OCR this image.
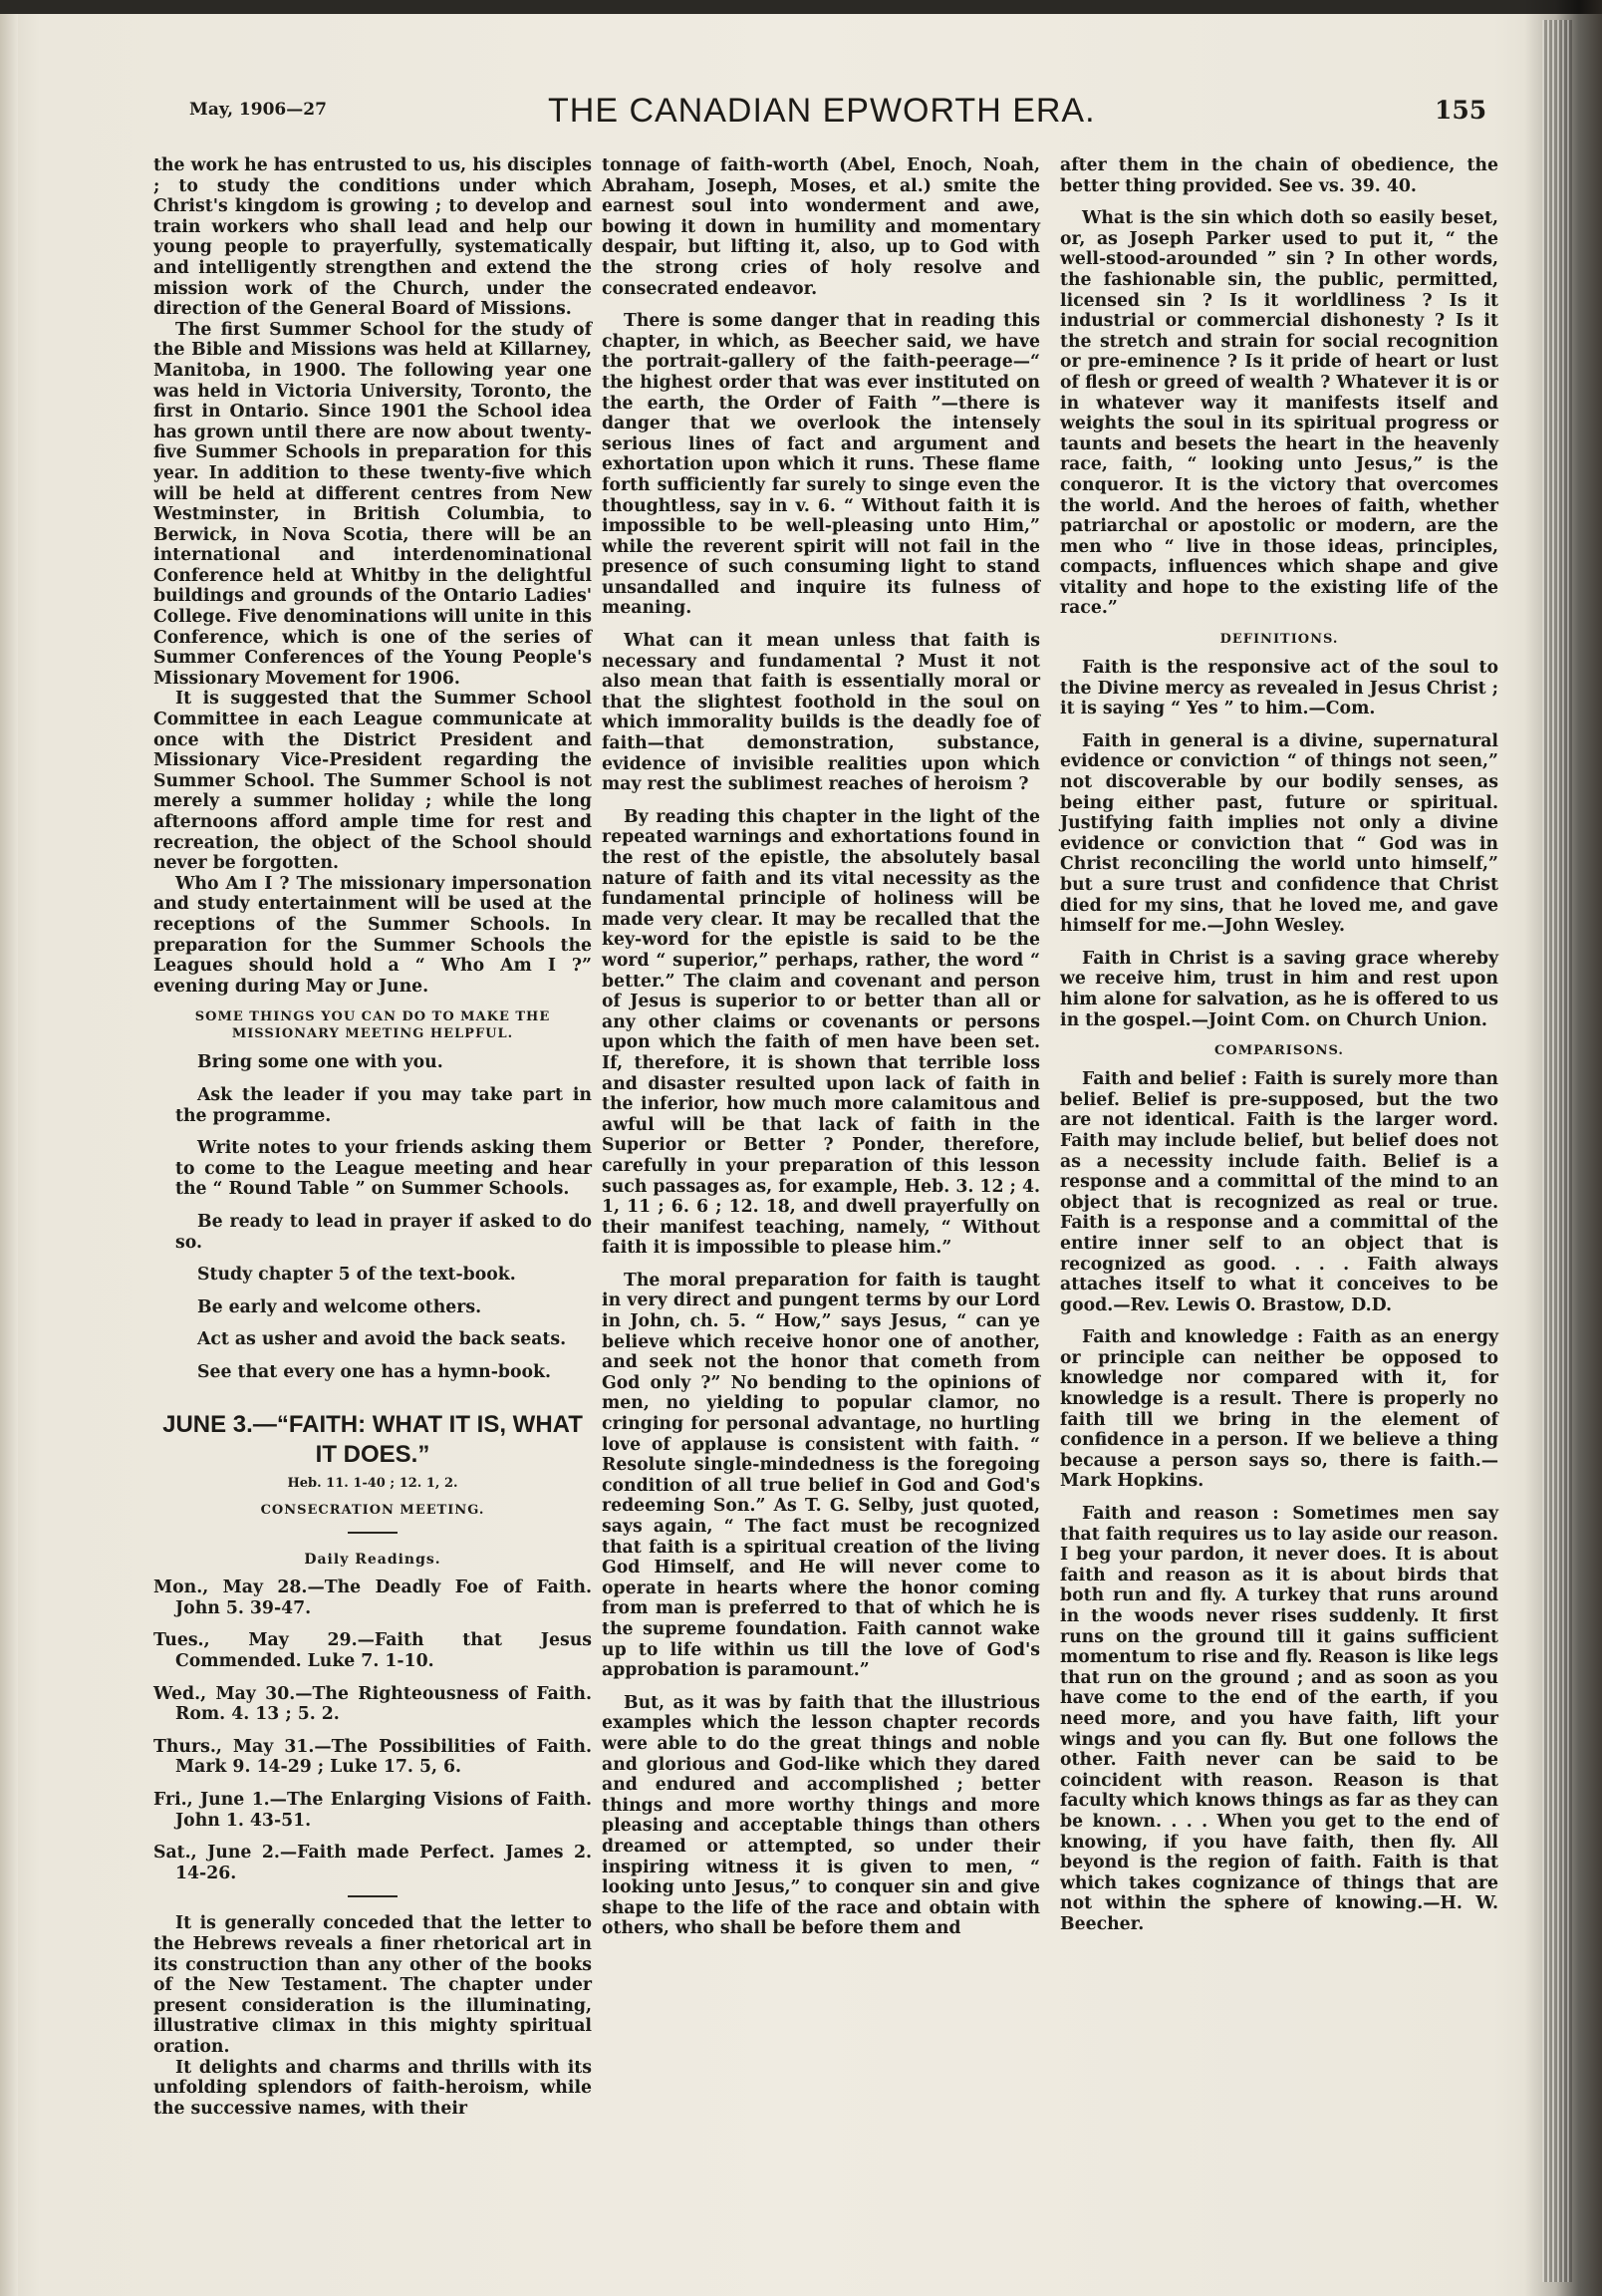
May, 1906—27	THE CANADIAN EPWORTH ERA.	155

the work he has entrusted to us, his disciples ; to study the conditions under which Christ's kingdom is growing ; to develop and train workers who shall lead and help our young people to prayerfully, systematically and intelligently strengthen and extend the mission work of the Church, under the direction of the General Board of Missions.

The first Summer School for the study of the Bible and Missions was held at Killarney, Manitoba, in 1900. The following year one was held in Victoria University, Toronto, the first in Ontario. Since 1901 the School idea has grown until there are now about twenty-five Summer Schools in preparation for this year. In addition to these twenty-five which will be held at different centres from New Westminster, in British Columbia, to Berwick, in Nova Scotia, there will be an international and interdenominational Conference held at Whitby in the delightful buildings and grounds of the Ontario Ladies' College. Five denominations will unite in this Conference, which is one of the series of Summer Conferences of the Young People's Missionary Movement for 1906.

It is suggested that the Summer School Committee in each League communicate at once with the District President and Missionary Vice-President regarding the Summer School. The Summer School is not merely a summer holiday ; while the long afternoons afford ample time for rest and recreation, the object of the School should never be forgotten.

Who Am I ? The missionary impersonation and study entertainment will be used at the receptions of the Summer Schools. In preparation for the Summer Schools the Leagues should hold a “ Who Am I ?” evening during May or June.

SOME THINGS YOU CAN DO TO MAKE THE MISSIONARY MEETING HELPFUL.

Bring some one with you.

Ask the leader if you may take part in the programme.

Write notes to your friends asking them to come to the League meeting and hear the “ Round Table ” on Summer Schools.

Be ready to lead in prayer if asked to do so.

Study chapter 5 of the text-book.

Be early and welcome others.

Act as usher and avoid the back seats.

See that every one has a hymn-book.

JUNE 3.—“FAITH: WHAT IT IS, WHAT IT DOES.”
Heb. 11. 1-40 ; 12. 1, 2.
CONSECRATION MEETING.
Daily Readings.

Mon., May 28.—The Deadly Foe of Faith. John 5. 39-47.

Tues., May 29.—Faith that Jesus Commended. Luke 7. 1-10.

Wed., May 30.—The Righteousness of Faith. Rom. 4. 13 ; 5. 2.

Thurs., May 31.—The Possibilities of Faith. Mark 9. 14-29 ; Luke 17. 5, 6.

Fri., June 1.—The Enlarging Visions of Faith. John 1. 43-51.

Sat., June 2.—Faith made Perfect. James 2. 14-26.

It is generally conceded that the letter to the Hebrews reveals a finer rhetorical art in its construction than any other of the books of the New Testament. The chapter under present consideration is the illuminating, illustrative climax in this mighty spiritual oration.

It delights and charms and thrills with its unfolding splendors of faith-heroism, while the successive names, with their

tonnage of faith-worth (Abel, Enoch, Noah, Abraham, Joseph, Moses, et al.) smite the earnest soul into wonderment and awe, bowing it down in humility and momentary despair, but lifting it, also, up to God with the strong cries of holy resolve and consecrated endeavor.

There is some danger that in reading this chapter, in which, as Beecher said, we have the portrait-gallery of the faith-peerage—“ the highest order that was ever instituted on the earth, the Order of Faith ”—there is danger that we overlook the intensely serious lines of fact and argument and exhortation upon which it runs. These flame forth sufficiently far surely to singe even the thoughtless, say in v. 6. “ Without faith it is impossible to be well-pleasing unto Him,” while the reverent spirit will not fail in the presence of such consuming light to stand unsandalled and inquire its fulness of meaning.

What can it mean unless that faith is necessary and fundamental ? Must it not also mean that faith is essentially moral or that the slightest foothold in the soul on which immorality builds is the deadly foe of faith—that demonstration, substance, evidence of invisible realities upon which may rest the sublimest reaches of heroism ?

By reading this chapter in the light of the repeated warnings and exhortations found in the rest of the epistle, the absolutely basal nature of faith and its vital necessity as the fundamental principle of holiness will be made very clear. It may be recalled that the key-word for the epistle is said to be the word “ superior,” perhaps, rather, the word “ better.” The claim and covenant and person of Jesus is superior to or better than all or any other claims or covenants or persons upon which the faith of men have been set. If, therefore, it is shown that terrible loss and disaster resulted upon lack of faith in the inferior, how much more calamitous and awful will be that lack of faith in the Superior or Better ? Ponder, therefore, carefully in your preparation of this lesson such passages as, for example, Heb. 3. 12 ; 4. 1, 11 ; 6. 6 ; 12. 18, and dwell prayerfully on their manifest teaching, namely, “ Without faith it is impossible to please him.”

The moral preparation for faith is taught in very direct and pungent terms by our Lord in John, ch. 5. “ How,” says Jesus, “ can ye believe which receive honor one of another, and seek not the honor that cometh from God only ?” No bending to the opinions of men, no yielding to popular clamor, no cringing for personal advantage, no hurtling love of applause is consistent with faith. “ Resolute single-mindedness is the foregoing condition of all true belief in God and God's redeeming Son.” As T. G. Selby, just quoted, says again, “ The fact must be recognized that faith is a spiritual creation of the living God Himself, and He will never come to operate in hearts where the honor coming from man is preferred to that of which he is the supreme foundation. Faith cannot wake up to life within us till the love of God's approbation is paramount.”

But, as it was by faith that the illustrious examples which the lesson chapter records were able to do the great things and noble and glorious and God-like which they dared and endured and accomplished ; better things and more worthy things and more pleasing and acceptable things than others dreamed or attempted, so under their inspiring witness it is given to men, “ looking unto Jesus,” to conquer sin and give shape to the life of the race and obtain with others, who shall be before them and

after them in the chain of obedience, the better thing provided. See vs. 39. 40.

What is the sin which doth so easily beset, or, as Joseph Parker used to put it, “ the well-stood-arounded ” sin ? In other words, the fashionable sin, the public, permitted, licensed sin ? Is it worldliness ? Is it industrial or commercial dishonesty ? Is it the stretch and strain for social recognition or pre-eminence ? Is it pride of heart or lust of flesh or greed of wealth ? Whatever it is or in whatever way it manifests itself and weights the soul in its spiritual progress or taunts and besets the heart in the heavenly race, faith, “ looking unto Jesus,” is the conqueror. It is the victory that overcomes the world. And the heroes of faith, whether patriarchal or apostolic or modern, are the men who “ live in those ideas, principles, compacts, influences which shape and give vitality and hope to the existing life of the race.”

DEFINITIONS.

Faith is the responsive act of the soul to the Divine mercy as revealed in Jesus Christ ; it is saying “ Yes ” to him.—Com.

Faith in general is a divine, supernatural evidence or conviction “ of things not seen,” not discoverable by our bodily senses, as being either past, future or spiritual. Justifying faith implies not only a divine evidence or conviction that “ God was in Christ reconciling the world unto himself,” but a sure trust and confidence that Christ died for my sins, that he loved me, and gave himself for me.—John Wesley.

Faith in Christ is a saving grace whereby we receive him, trust in him and rest upon him alone for salvation, as he is offered to us in the gospel.—Joint Com. on Church Union.

COMPARISONS.

Faith and belief : Faith is surely more than belief. Belief is pre-supposed, but the two are not identical. Faith is the larger word. Faith may include belief, but belief does not as a necessity include faith. Belief is a response and a committal of the mind to an object that is recognized as real or true. Faith is a response and a committal of the entire inner self to an object that is recognized as good. . . . Faith always attaches itself to what it conceives to be good.—Rev. Lewis O. Brastow, D.D.

Faith and knowledge : Faith as an energy or principle can neither be opposed to knowledge nor compared with it, for knowledge is a result. There is properly no faith till we bring in the element of confidence in a person. If we believe a thing because a person says so, there is faith.—Mark Hopkins.

Faith and reason : Sometimes men say that faith requires us to lay aside our reason. I beg your pardon, it never does. It is about faith and reason as it is about birds that both run and fly. A turkey that runs around in the woods never rises suddenly. It first runs on the ground till it gains sufficient momentum to rise and fly. Reason is like legs that run on the ground ; and as soon as you have come to the end of the earth, if you need more, and you have faith, lift your wings and you can fly. But one follows the other. Faith never can be said to be coincident with reason. Reason is that faculty which knows things as far as they can be known. . . . When you get to the end of knowing, if you have faith, then fly. All beyond is the region of faith. Faith is that which takes cognizance of things that are not within the sphere of knowing.—H. W. Beecher.
